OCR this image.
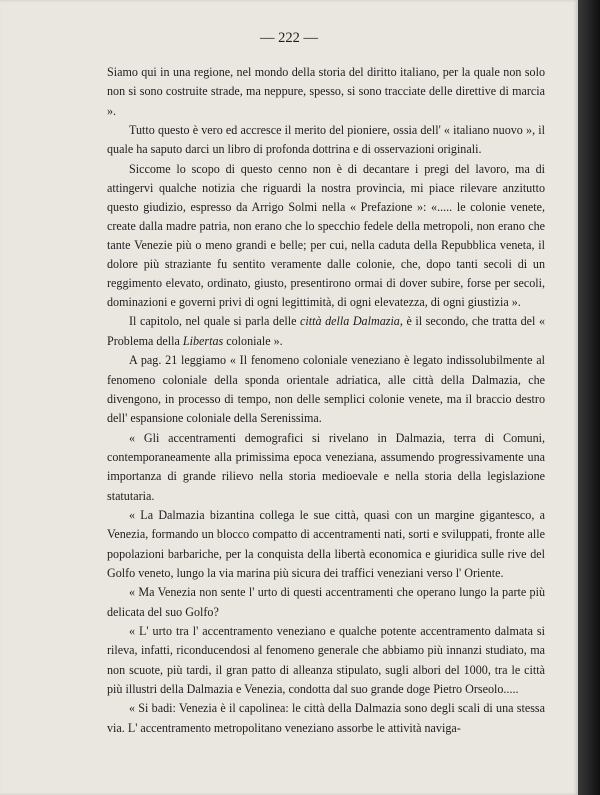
— 222 —

Siamo qui in una regione, nel mondo della storia del diritto italiano, per la quale non solo non si sono costruite strade, ma neppure, spesso, si sono tracciate delle direttive di marcia ».

Tutto questo è vero ed accresce il merito del pioniere, ossia dell' « italiano nuovo », il quale ha saputo darci un libro di profonda dottrina e di osservazioni originali.

Siccome lo scopo di questo cenno non è di decantare i pregi del lavoro, ma di attingervi qualche notizia che riguardi la nostra provincia, mi piace rilevare anzitutto questo giudizio, espresso da Arrigo Solmi nella « Prefazione »: «..... le colonie venete, create dalla madre patria, non erano che lo specchio fedele della metropoli, non erano che tante Venezie più o meno grandi e belle; per cui, nella caduta della Repubblica veneta, il dolore più straziante fu sentito veramente dalle colonie, che, dopo tanti secoli di un reggimento elevato, ordinato, giusto, presentirono ormai di dover subire, forse per secoli, dominazioni e governi privi di ogni legittimità, di ogni elevatezza, di ogni giustizia ».

Il capitolo, nel quale si parla delle città della Dalmazia, è il secondo, che tratta del « Problema della Libertas coloniale ».

A pag. 21 leggiamo « Il fenomeno coloniale veneziano è legato indissolubilmente al fenomeno coloniale della sponda orientale adriatica, alle città della Dalmazia, che divengono, in processo di tempo, non delle semplici colonie venete, ma il braccio destro dell' espansione coloniale della Serenissima.

« Gli accentramenti demografici si rivelano in Dalmazia, terra di Comuni, contemporaneamente alla primissima epoca veneziana, assumendo progressivamente una importanza di grande rilievo nella storia medioevale e nella storia della legislazione statutaria.

« La Dalmazia bizantina collega le sue città, quasi con un margine gigantesco, a Venezia, formando un blocco compatto di accentramenti nati, sorti e sviluppati, fronte alle popolazioni barbariche, per la conquista della libertà economica e giuridica sulle rive del Golfo veneto, lungo la via marina più sicura dei traffici veneziani verso l' Oriente.

« Ma Venezia non sente l' urto di questi accentramenti che operano lungo la parte più delicata del suo Golfo?

« L' urto tra l' accentramento veneziano e qualche potente accentramento dalmata si rileva, infatti, riconducendosi al fenomeno generale che abbiamo più innanzi studiato, ma non scuote, più tardi, il gran patto di alleanza stipulato, sugli albori del 1000, tra le città più illustri della Dalmazia e Venezia, condotta dal suo grande doge Pietro Orseolo.....

« Si badi: Venezia è il capolinea: le città della Dalmazia sono degli scali di una stessa via. L' accentramento metropolitano veneziano assorbe le attività naviga-
